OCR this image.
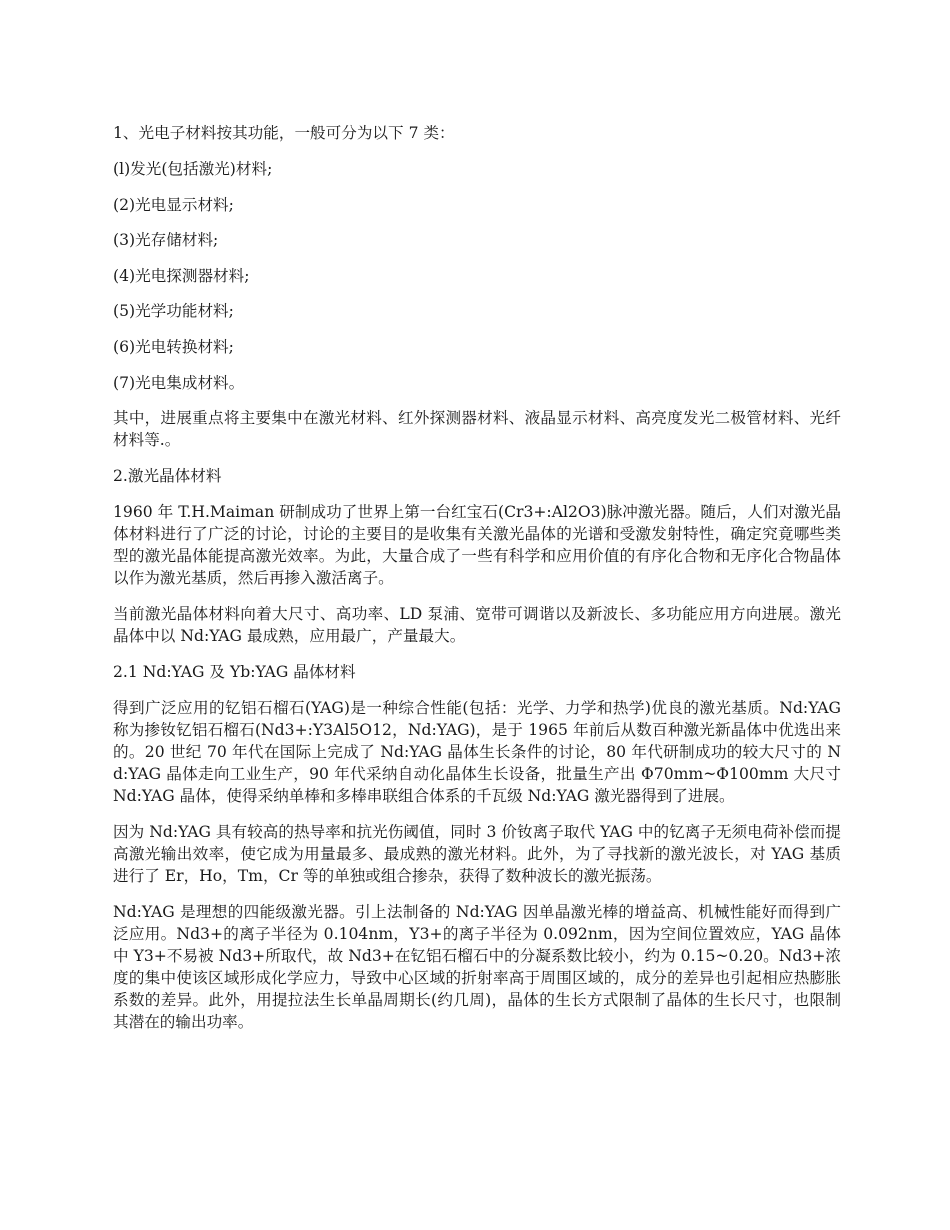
1、光电子材料按其功能，一般可分为以下 7 类：

(l)发光(包括激光)材料;

(2)光电显示材料;

(3)光存储材料;

(4)光电探测器材料;

(5)光学功能材料;

(6)光电转换材料;

(7)光电集成材料。

其中，进展重点将主要集中在激光材料、红外探测器材料、液晶显示材料、高亮度发光二极管材料、光纤材料等.。

2.激光晶体材料

1960 年 T.H.Maiman 研制成功了世界上第一台红宝石(Cr3+:Al2O3)脉冲激光器。随后，人们对激光晶体材料进行了广泛的讨论，讨论的主要目的是收集有关激光晶体的光谱和受激发射特性，确定究竟哪些类型的激光晶体能提高激光效率。为此，大量合成了一些有科学和应用价值的有序化合物和无序化合物晶体以作为激光基质，然后再掺入激活离子。

当前激光晶体材料向着大尺寸、高功率、LD 泵浦、宽带可调谐以及新波长、多功能应用方向进展。激光晶体中以 Nd:YAG 最成熟，应用最广，产量最大。

2.1 Nd:YAG 及 Yb:YAG 晶体材料

得到广泛应用的钇铝石榴石(YAG)是一种综合性能(包括：光学、力学和热学)优良的激光基质。Nd:YAG 称为掺钕钇铝石榴石(Nd3+:Y3Al5O12，Nd:YAG)，是于 1965 年前后从数百种激光新晶体中优选出来的。20 世纪 70 年代在国际上完成了 Nd:YAG 晶体生长条件的讨论，80 年代研制成功的较大尺寸的 Nd:YAG 晶体走向工业生产，90 年代采纳自动化晶体生长设备，批量生产出 Φ70mm~Φ100mm 大尺寸 Nd:YAG 晶体，使得采纳单棒和多棒串联组合体系的千瓦级 Nd:YAG 激光器得到了进展。

因为 Nd:YAG 具有较高的热导率和抗光伤阈值，同时 3 价钕离子取代 YAG 中的钇离子无须电荷补偿而提高激光输出效率，使它成为用量最多、最成熟的激光材料。此外，为了寻找新的激光波长，对 YAG 基质进行了 Er，Ho，Tm，Cr 等的单独或组合掺杂，获得了数种波长的激光振荡。

Nd:YAG 是理想的四能级激光器。引上法制备的 Nd:YAG 因单晶激光棒的增益高、机械性能好而得到广泛应用。Nd3+的离子半径为 0.104nm，Y3+的离子半径为 0.092nm，因为空间位置效应，YAG 晶体中 Y3+不易被 Nd3+所取代，故 Nd3+在钇铝石榴石中的分凝系数比较小，约为 0.15~0.20。Nd3+浓度的集中使该区域形成化学应力，导致中心区域的折射率高于周围区域的，成分的差异也引起相应热膨胀系数的差异。此外，用提拉法生长单晶周期长(约几周)，晶体的生长方式限制了晶体的生长尺寸，也限制其潜在的输出功率。
